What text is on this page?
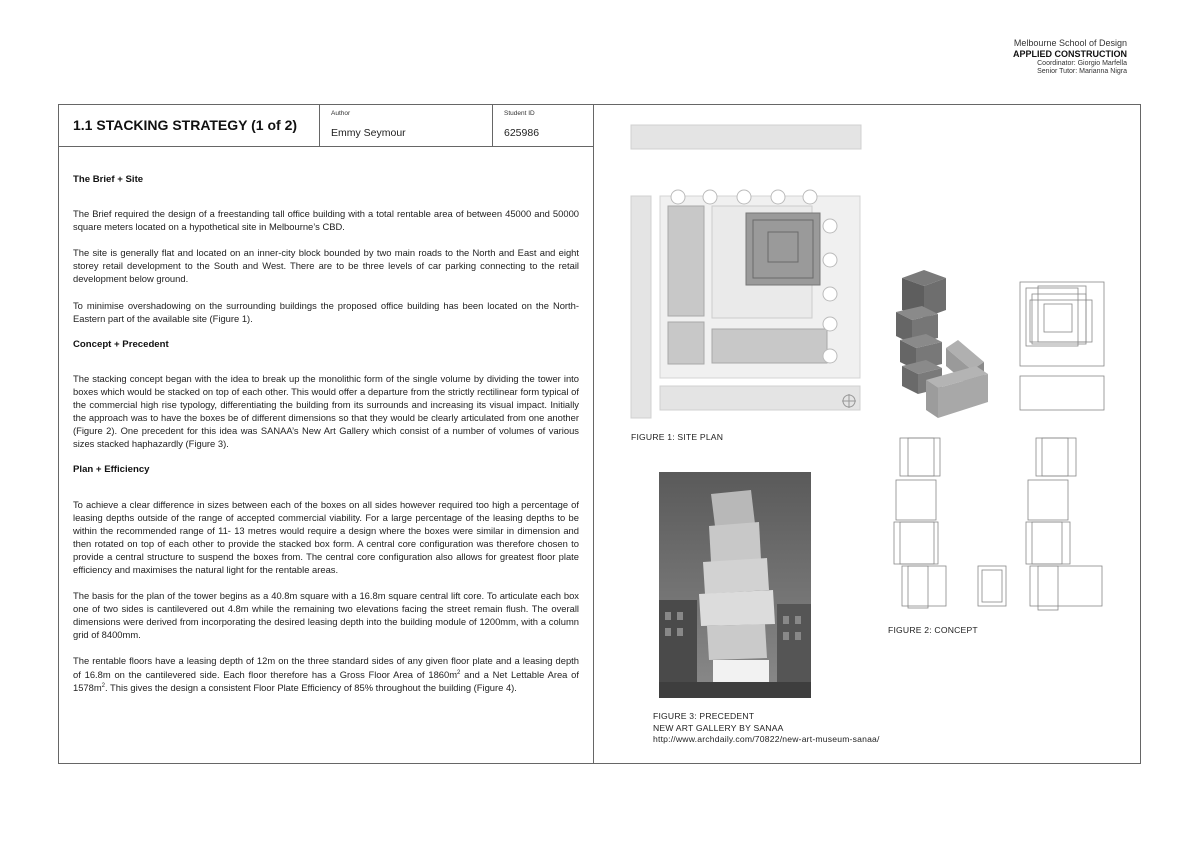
Melbourne School of Design
APPLIED CONSTRUCTION
Coordinator: Giorgio Marfella
Senior Tutor: Marianna Nigra
1.1 STACKING STRATEGY (1 of 2)
Author
Emmy Seymour
Student ID
625986
The Brief + Site

The Brief required the design of a freestanding tall office building with a total rentable area of between 45000 and 50000 square meters located on a hypothetical site in Melbourne’s CBD.

The site is generally flat and located on an inner-city block bounded by two main roads to the North and East and eight storey retail development to the South and West. There are to be three levels of car parking connecting to the retail development below ground.

To minimise overshadowing on the surrounding buildings the proposed office building has been located on the North-Eastern part of the available site (Figure 1).

Concept + Precedent

The stacking concept began with the idea to break up the monolithic form of the single volume by dividing the tower into boxes which would be stacked on top of each other. This would offer a departure from the strictly rectilinear form typical of the commercial high rise typology, differentiating the building from its surrounds and increasing its visual impact. Initially the approach was to have the boxes be of different dimensions so that they would be clearly articulated from one another (Figure 2). One precedent for this idea was SANAA’s New Art Gallery which consist of a number of volumes of various sizes stacked haphazardly (Figure 3).

Plan + Efficiency

To achieve a clear difference in sizes between each of the boxes on all sides however required too high a percentage of leasing depths outside of the range of accepted commercial viability. For a large percentage of the leasing depths to be within the recommended range of 11- 13 metres would require a design where the boxes were similar in dimension and then rotated on top of each other to provide the stacked box form. A central core configuration was therefore chosen to provide a central structure to suspend the boxes from. The central core configuration also allows for greatest floor plate efficiency and maximises the natural light for the rentable areas.

The basis for the plan of the tower begins as a 40.8m square with a 16.8m square central lift core. To articulate each box one of two sides is cantilevered out 4.8m while the remaining two elevations facing the street remain flush. The overall dimensions were derived from incorporating the desired leasing depth into the building module of 1200mm, with a column grid of 8400mm.

The rentable floors have a leasing depth of 12m on the three standard sides of any given floor plate and a leasing depth of 16.8m on the cantilevered side. Each floor therefore has a Gross Floor Area of $1860m^2$ and a Net Lettable Area of $1578m^2$. This gives the design a consistent Floor Plate Efficiency of 85% throughout the building (Figure 4).

FIGURE 1: SITE PLAN
FIGURE 2: CONCEPT
FIGURE 3: PRECEDENT
NEW ART GALLERY BY SANAA
http://www.archdaily.com/70822/new-art-museum-sanaa/
